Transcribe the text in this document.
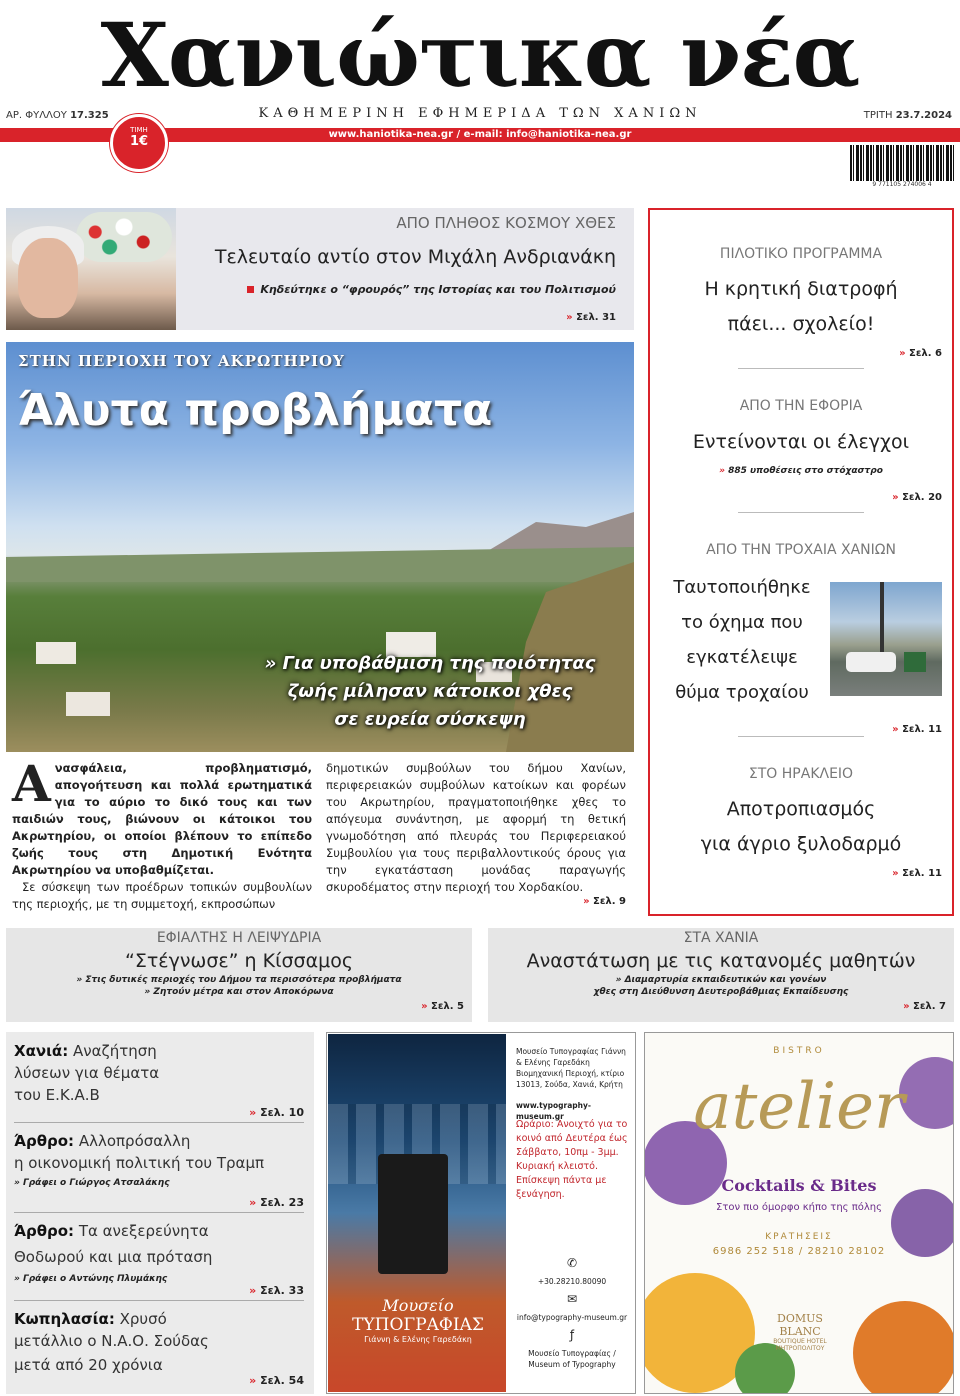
Χανιώτικα νέα
ΑΡ. ΦΥΛΛΟΥ 17.325	ΚΑΘΗΜΕΡΙΝΗ ΕΦΗΜΕΡΙΔΑ ΤΩΝ ΧΑΝΙΩΝ	ΤΡΙΤΗ 23.7.2024
www.haniotika-nea.gr / e-mail: info@haniotika-nea.gr
ΤΙΜΗ
1€
9 771105 274006 4
ΑΠΟ ΠΛΗΘΟΣ ΚΟΣΜΟΥ ΧΘΕΣ
Τελευταίο αντίο στον Μιχάλη Ανδριανάκη
Κηδεύτηκε ο “φρουρός” της Ιστορίας και του Πολιτισμού
» Σελ. 31
ΣΤΗΝ ΠΕΡΙΟΧΗ ΤΟΥ ΑΚΡΩΤΗΡΙΟΥ
Άλυτα προβλήματα
» Για υποβάθμιση της ποιότητας
ζωής μίλησαν κάτοικοι χθες
σε ευρεία σύσκεψη
Ανασφάλεια, προβληματισμό, απογοήτευση και πολλά ερωτηματικά για το αύριο το δικό τους και των παιδιών τους, βιώνουν οι κάτοικοι του Ακρωτηρίου, οι οποίοι βλέπουν το επίπεδο ζωής τους στη Δημοτική Ενότητα Ακρωτηρίου να υποβαθμίζεται.
Σε σύσκεψη των προέδρων τοπικών συμβουλίων της περιοχής, με τη συμμετοχή, εκπροσώπων
δημοτικών συμβούλων του δήμου Χανίων, περιφερειακών συμβούλων κατοίκων και φορέων του Ακρωτηρίου, πραγματοποιήθηκε χθες το απόγευμα συνάντηση, με αφορμή τη θετική γνωμοδότηση από πλευράς του Περιφερειακού Συμβουλίου για τους περιβαλλοντικούς όρους για την εγκατάσταση μονάδας παραγωγής σκυροδέματος στην περιοχή του Χορδακίου.
» Σελ. 9
ΠΙΛΟΤΙΚΟ ΠΡΟΓΡΑΜΜΑ
Η κρητική διατροφή
πάει... σχολείο!
» Σελ. 6
ΑΠΟ ΤΗΝ ΕΦΟΡΙΑ
Εντείνονται οι έλεγχοι
» 885 υποθέσεις στο στόχαστρο
» Σελ. 20
ΑΠΟ ΤΗΝ ΤΡΟΧΑΙΑ ΧΑΝΙΩΝ
Ταυτοποιήθηκε
το όχημα που
εγκατέλειψε
θύμα τροχαίου
» Σελ. 11
ΣΤΟ ΗΡΑΚΛΕΙΟ
Αποτροπιασμός
για άγριο ξυλοδαρμό
» Σελ. 11
ΕΦΙΑΛΤΗΣ Η ΛΕΙΨΥΔΡΙΑ
“Στέγνωσε” η Κίσσαμος
» Στις δυτικές περιοχές του Δήμου τα περισσότερα προβλήματα
» Ζητούν μέτρα και στον Αποκόρωνα
» Σελ. 5
ΣΤΑ ΧΑΝΙΑ
Αναστάτωση με τις κατανομές μαθητών
» Διαμαρτυρία εκπαιδευτικών και γονέων
χθες στη Διεύθυνση Δευτεροβάθμιας Εκπαίδευσης
» Σελ. 7
Χανιά: Αναζήτηση
λύσεων για θέματα
του Ε.Κ.Α.Β
» Σελ. 10
Άρθρο: Αλλοπρόσαλλη
η οικονομική πολιτική του Τραμπ
» Γράφει ο Γιώργος Ατσαλάκης
» Σελ. 23
Άρθρο: Τα ανεξερεύνητα
Θοδωρού και μια πρόταση
» Γράφει ο Αντώνης Πλυμάκης
» Σελ. 33
Κωπηλασία: Χρυσό
μετάλλιο ο Ν.Α.Ο. Σούδας
μετά από 20 χρόνια
» Σελ. 54
Μουσείο
ΤΥΠΟΓΡΑΦΙΑΣ
Γιάννη & Ελένης Γαρεδάκη
Μουσείο Τυπογραφίας Γιάννη & Ελένης Γαρεδάκη Βιομηχανική Περιοχή, κτίριο 13013, Σούδα, Χανιά, Κρήτη
www.typography-museum.gr
Ωράριο: Ανοιχτό για το κοινό από Δευτέρα έως Σάββατο, 10πμ - 3μμ. Κυριακή κλειστό. Επίσκεψη πάντα με ξενάγηση.
✆
+30.28210.80090
✉
info@typography-museum.gr
ƒ
Μουσείο Τυπογραφίας / Museum of Typography
BISTRO
atelier
Cocktails & Bites
Στον πιο όμορφο κήπο της πόλης
ΚΡΑΤΗΣΕΙΣ
6986 252 518 / 28210 28102
DOMUS
BLANC
BOUTIQUE HOTEL ΜΗΤΡΟΠΟΛΙΤΟΥ
